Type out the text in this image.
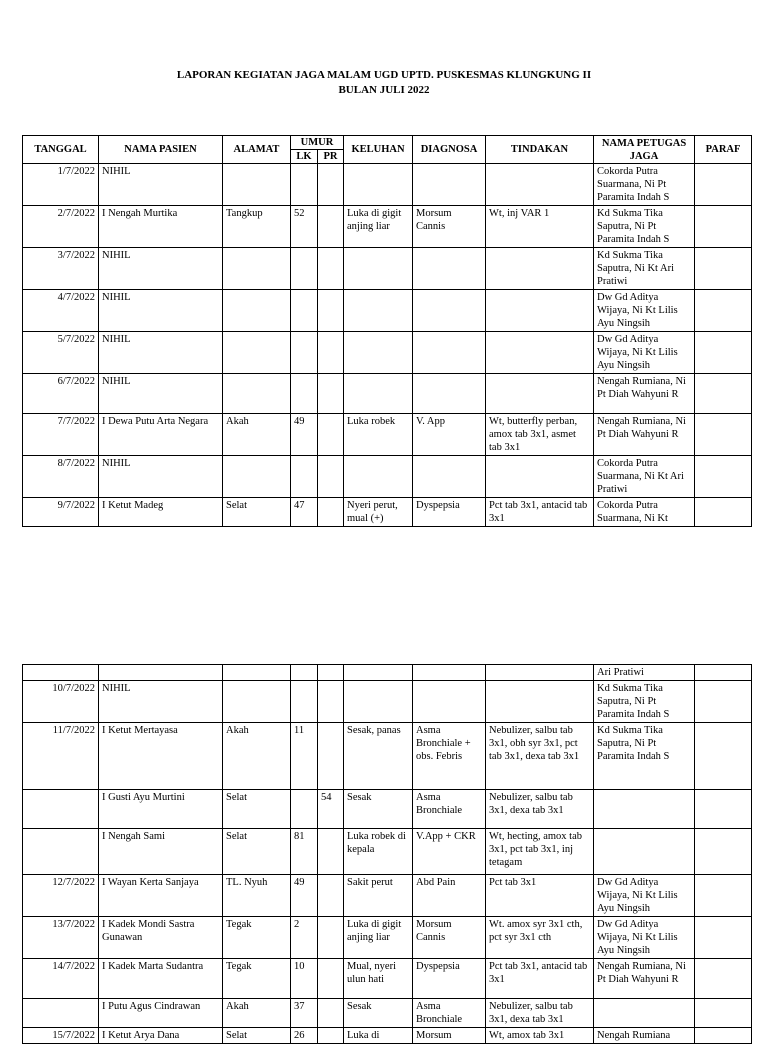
LAPORAN KEGIATAN JAGA MALAM UGD UPTD. PUSKESMAS KLUNGKUNG II
BULAN JULI 2022
TANGGAL	NAMA PASIEN	ALAMAT	UMUR		KELUHAN	DIAGNOSA	TINDAKAN	NAMA PETUGAS JAGA	PARAF
			LK	PR					
1/7/2022	NIHIL							Cokorda Putra Suarmana, Ni Pt Paramita Indah S	
2/7/2022	I Nengah Murtika	Tangkup	52		Luka di gigit anjing liar	Morsum Cannis	Wt, inj VAR 1	Kd Sukma Tika Saputra, Ni Pt Paramita Indah S	
3/7/2022	NIHIL							Kd Sukma Tika Saputra, Ni Kt Ari Pratiwi	
4/7/2022	NIHIL							Dw Gd Aditya Wijaya, Ni Kt Lilis Ayu Ningsih	
5/7/2022	NIHIL							Dw Gd Aditya Wijaya, Ni Kt Lilis Ayu Ningsih	
6/7/2022	NIHIL							Nengah Rumiana, Ni Pt Diah Wahyuni R	
7/7/2022	I Dewa Putu Arta Negara	Akah	49		Luka robek	V. App	Wt, butterfly perban, amox tab 3x1, asmet tab 3x1	Nengah Rumiana, Ni Pt Diah Wahyuni R	
8/7/2022	NIHIL							Cokorda Putra Suarmana, Ni Kt Ari Pratiwi	
9/7/2022	I Ketut Madeg	Selat	47		Nyeri perut, mual (+)	Dyspepsia	Pct tab 3x1, antacid tab 3x1	Cokorda Putra Suarmana, Ni Kt	
								Ari Pratiwi	
10/7/2022	NIHIL							Kd Sukma Tika Saputra, Ni Pt Paramita Indah S	
11/7/2022	I Ketut Mertayasa	Akah	11		Sesak, panas	Asma Bronchiale + obs. Febris	Nebulizer, salbu tab 3x1, obh syr 3x1, pct tab 3x1, dexa tab 3x1	Kd Sukma Tika Saputra, Ni Pt Paramita Indah S	
	I Gusti Ayu Murtini	Selat		54	Sesak	Asma Bronchiale	Nebulizer, salbu tab 3x1, dexa tab 3x1		
	I Nengah Sami	Selat	81		Luka robek di kepala	V.App + CKR	Wt, hecting, amox tab 3x1, pct tab 3x1, inj tetagam		
12/7/2022	I Wayan Kerta Sanjaya	TL. Nyuh	49		Sakit perut	Abd Pain	Pct tab 3x1	Dw Gd Aditya Wijaya, Ni Kt Lilis Ayu Ningsih	
13/7/2022	I Kadek Mondi Sastra Gunawan	Tegak	2		Luka di gigit anjing liar	Morsum Cannis	Wt. amox syr 3x1 cth, pct syr 3x1 cth	Dw Gd Aditya Wijaya, Ni Kt Lilis Ayu Ningsih	
14/7/2022	I Kadek Marta Sudantra	Tegak	10		Mual, nyeri ulun hati	Dyspepsia	Pct tab 3x1, antacid tab 3x1	Nengah Rumiana, Ni Pt Diah Wahyuni R	
	I Putu Agus Cindrawan	Akah	37		Sesak	Asma Bronchiale	Nebulizer, salbu tab 3x1, dexa tab 3x1		
15/7/2022	I Ketut Arya Dana	Selat	26		Luka di	Morsum	Wt, amox tab 3x1	Nengah Rumiana	
